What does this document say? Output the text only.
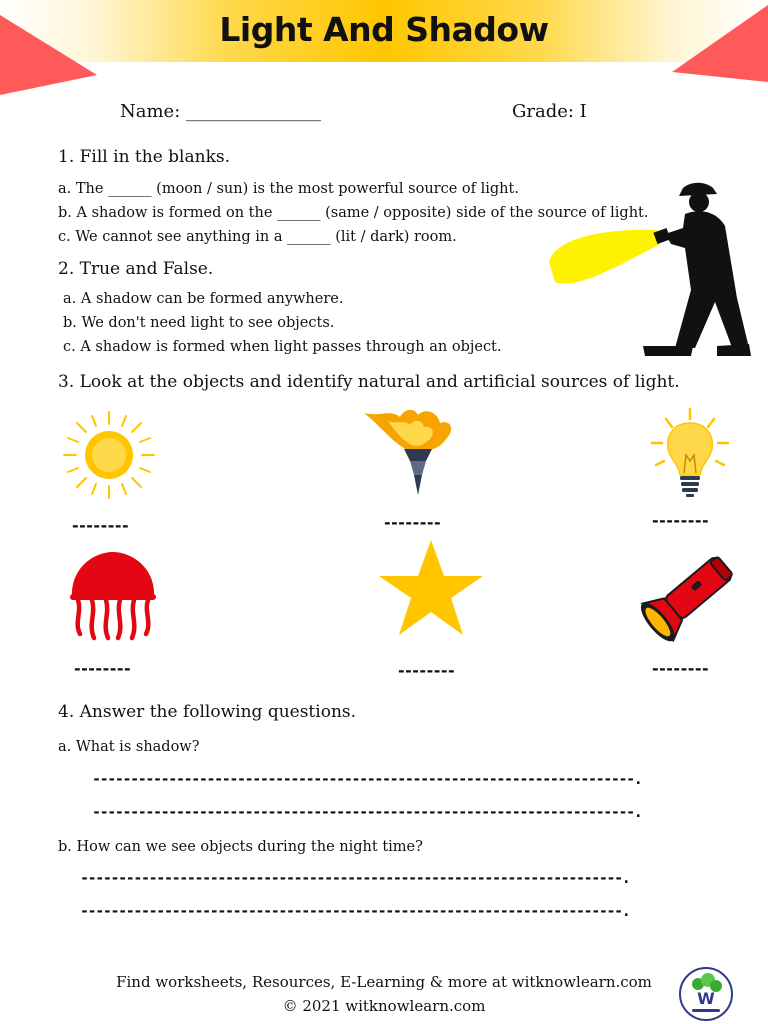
Light And Shadow
Name: _______________	Grade: I
1. Fill in the blanks.
a. The ______ (moon / sun) is the most powerful source of light.
b. A shadow is formed on the ______ (same / opposite) side of the source of light.
c. We cannot see anything in a ______ (lit / dark) room.
2. True and False.
a. A shadow can be formed anywhere.
b. We don't need light to see objects.
c. A shadow is formed when light passes through an object.
3. Look at the objects and identify natural and artificial sources of light.
--------	--------	--------
--------	--------	--------
4. Answer the following questions.
a. What is shadow?
-----------------------------------------------------------------------.
-----------------------------------------------------------------------.
b. How can we see objects during the night time?
-----------------------------------------------------------------------.
-----------------------------------------------------------------------.
Find worksheets, Resources, E-Learning & more at witknowlearn.com
© 2021 witknowlearn.com	W
